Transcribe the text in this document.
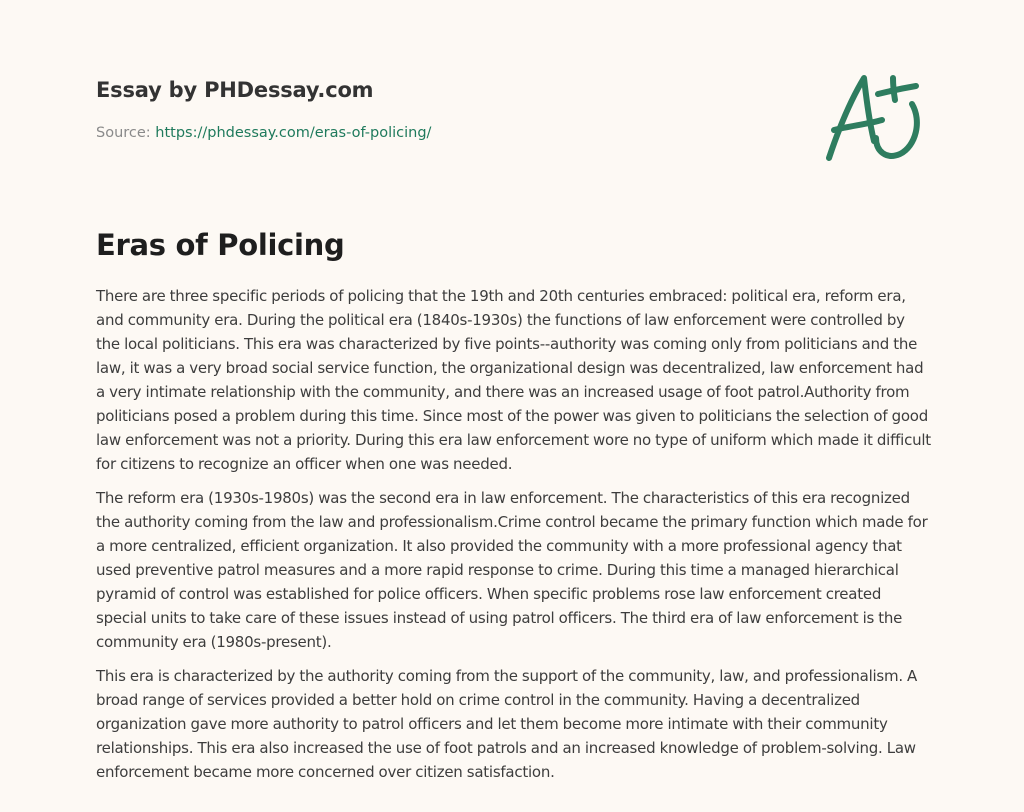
Essay by PHDessay.com
Source: https://phdessay.com/eras-of-policing/
Eras of Policing

There are three specific periods of policing that the 19th and 20th centuries embraced: political era, reform era, and community era. During the political era (1840s-1930s) the functions of law enforcement were controlled by the local politicians. This era was characterized by five points--authority was coming only from politicians and the law, it was a very broad social service function, the organizational design was decentralized, law enforcement had a very intimate relationship with the community, and there was an increased usage of foot patrol.Authority from politicians posed a problem during this time. Since most of the power was given to politicians the selection of good law enforcement was not a priority. During this era law enforcement wore no type of uniform which made it difficult for citizens to recognize an officer when one was needed.

The reform era (1930s-1980s) was the second era in law enforcement. The characteristics of this era recognized the authority coming from the law and professionalism.Crime control became the primary function which made for a more centralized, efficient organization. It also provided the community with a more professional agency that used preventive patrol measures and a more rapid response to crime. During this time a managed hierarchical pyramid of control was established for police officers. When specific problems rose law enforcement created special units to take care of these issues instead of using patrol officers. The third era of law enforcement is the community era (1980s-present).

This era is characterized by the authority coming from the support of the community, law, and professionalism. A broad range of services provided a better hold on crime control in the community. Having a decentralized organization gave more authority to patrol officers and let them become more intimate with their community relationships. This era also increased the use of foot patrols and an increased knowledge of problem-solving. Law enforcement became more concerned over citizen satisfaction.
